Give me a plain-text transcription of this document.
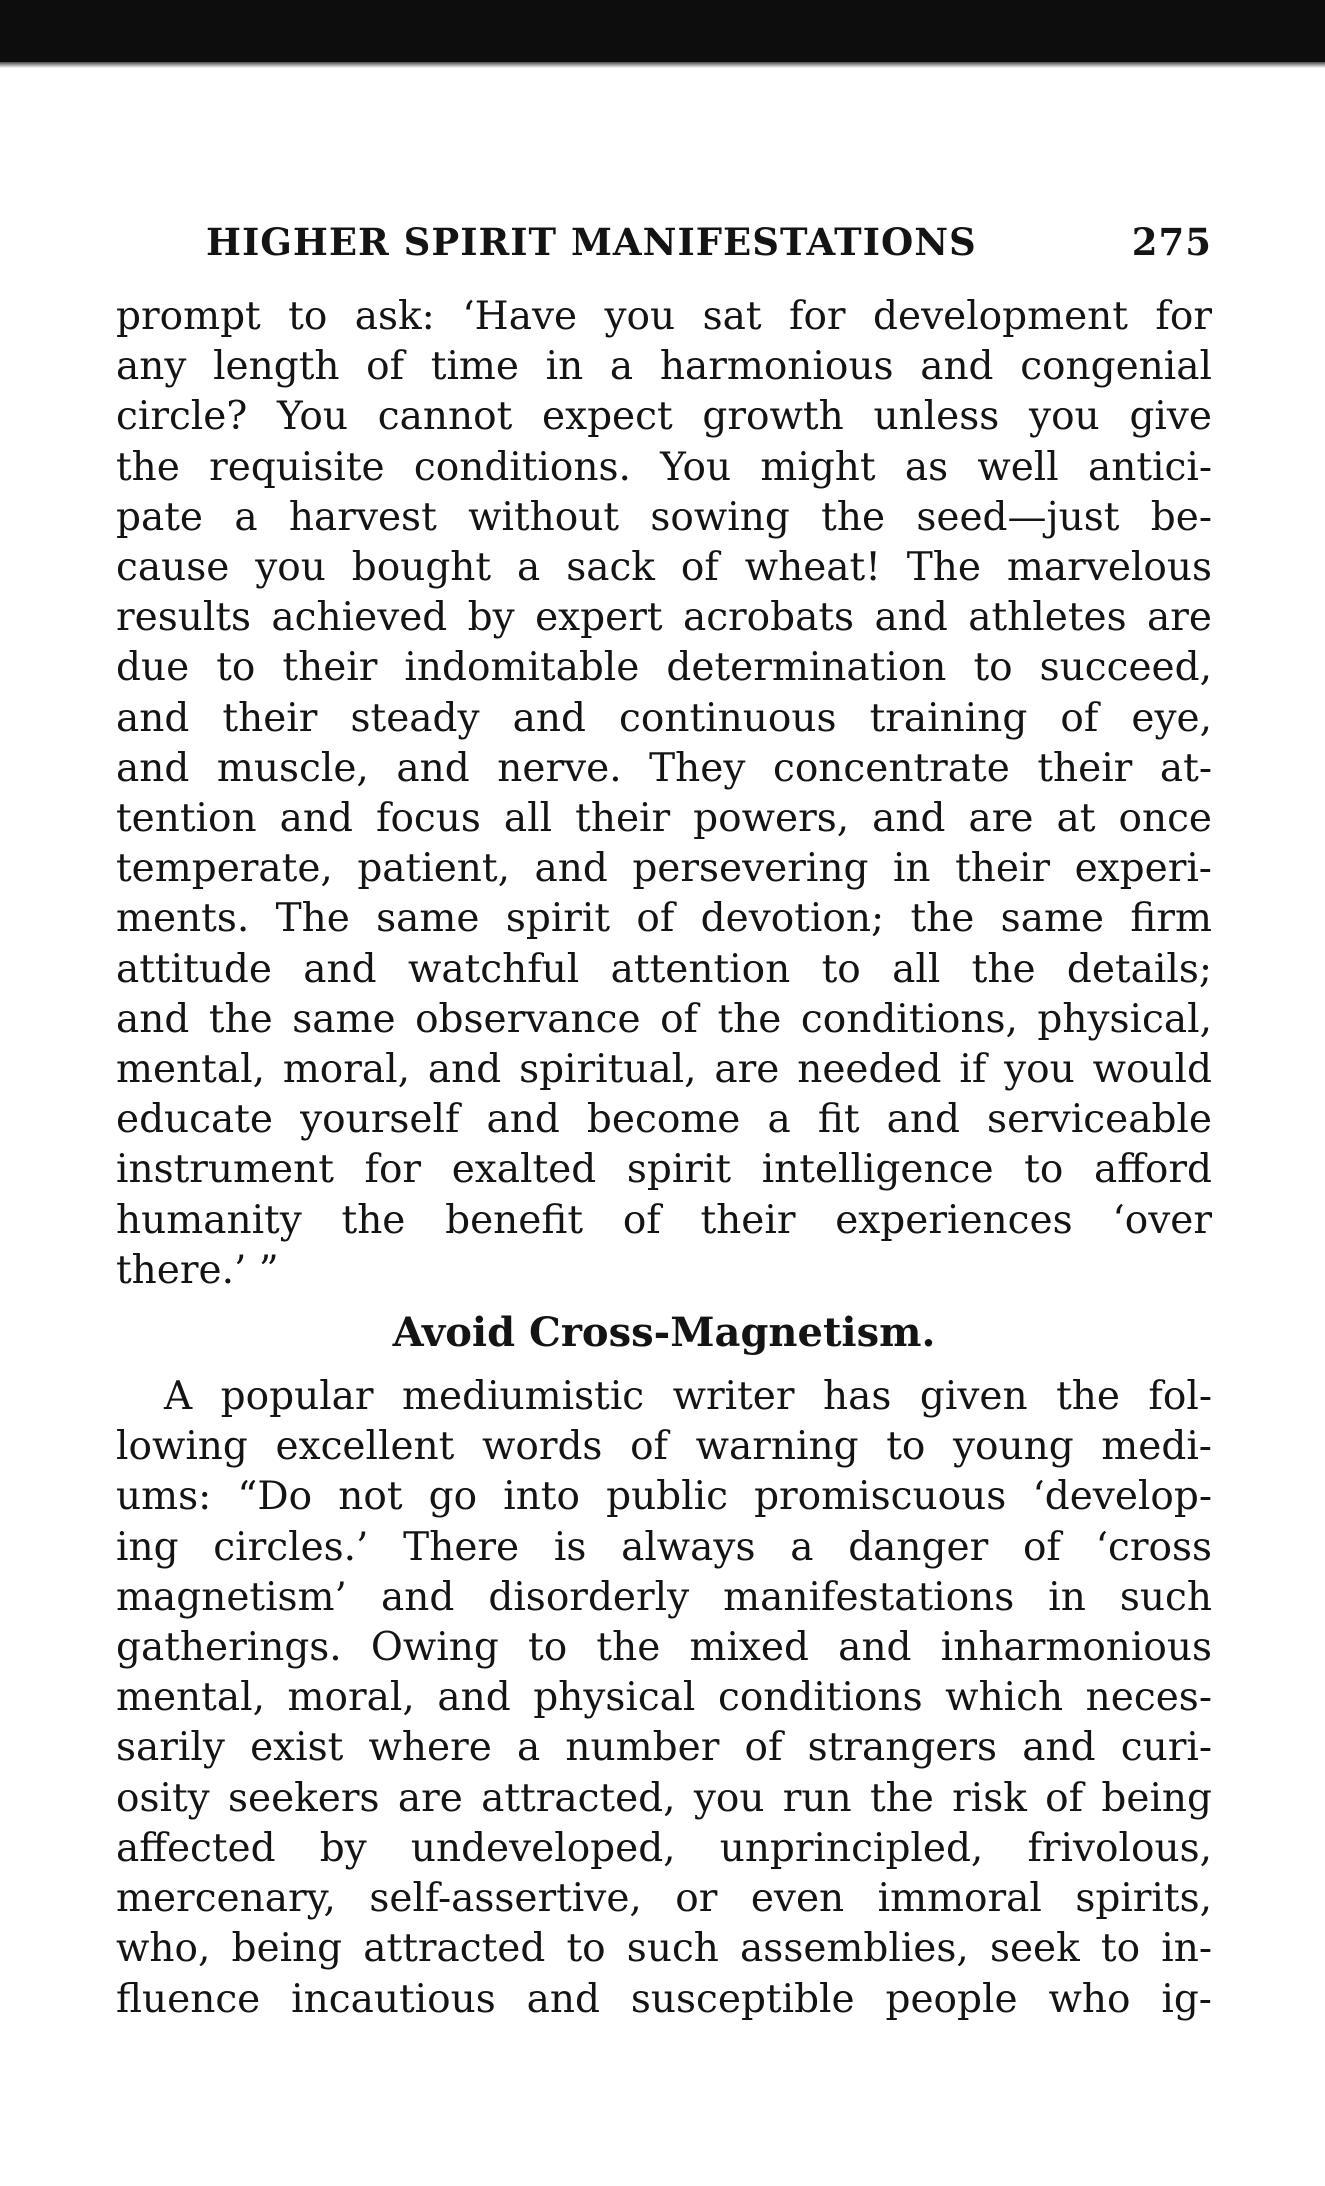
HIGHER SPIRIT MANIFESTATIONS	275
prompt to ask: ‘Have you sat for development for
any length of time in a harmonious and congenial
circle? You cannot expect growth unless you give
the requisite conditions. You might as well antici-
pate a harvest without sowing the seed—just be-
cause you bought a sack of wheat! The marvelous
results achieved by expert acrobats and athletes are
due to their indomitable determination to succeed,
and their steady and continuous training of eye,
and muscle, and nerve. They concentrate their at-
tention and focus all their powers, and are at once
temperate, patient, and persevering in their experi-
ments. The same spirit of devotion; the same firm
attitude and watchful attention to all the details;
and the same observance of the conditions, physical,
mental, moral, and spiritual, are needed if you would
educate yourself and become a fit and serviceable
instrument for exalted spirit intelligence to afford
humanity the benefit of their experiences ‘over
there.’ ”
Avoid Cross-Magnetism.
A popular mediumistic writer has given the fol-
lowing excellent words of warning to young medi-
ums: “Do not go into public promiscuous ‘develop-
ing circles.’ There is always a danger of ‘cross
magnetism’ and disorderly manifestations in such
gatherings. Owing to the mixed and inharmonious
mental, moral, and physical conditions which neces-
sarily exist where a number of strangers and curi-
osity seekers are attracted, you run the risk of being
affected by undeveloped, unprincipled, frivolous,
mercenary, self-assertive, or even immoral spirits,
who, being attracted to such assemblies, seek to in-
fluence incautious and susceptible people who ig-
